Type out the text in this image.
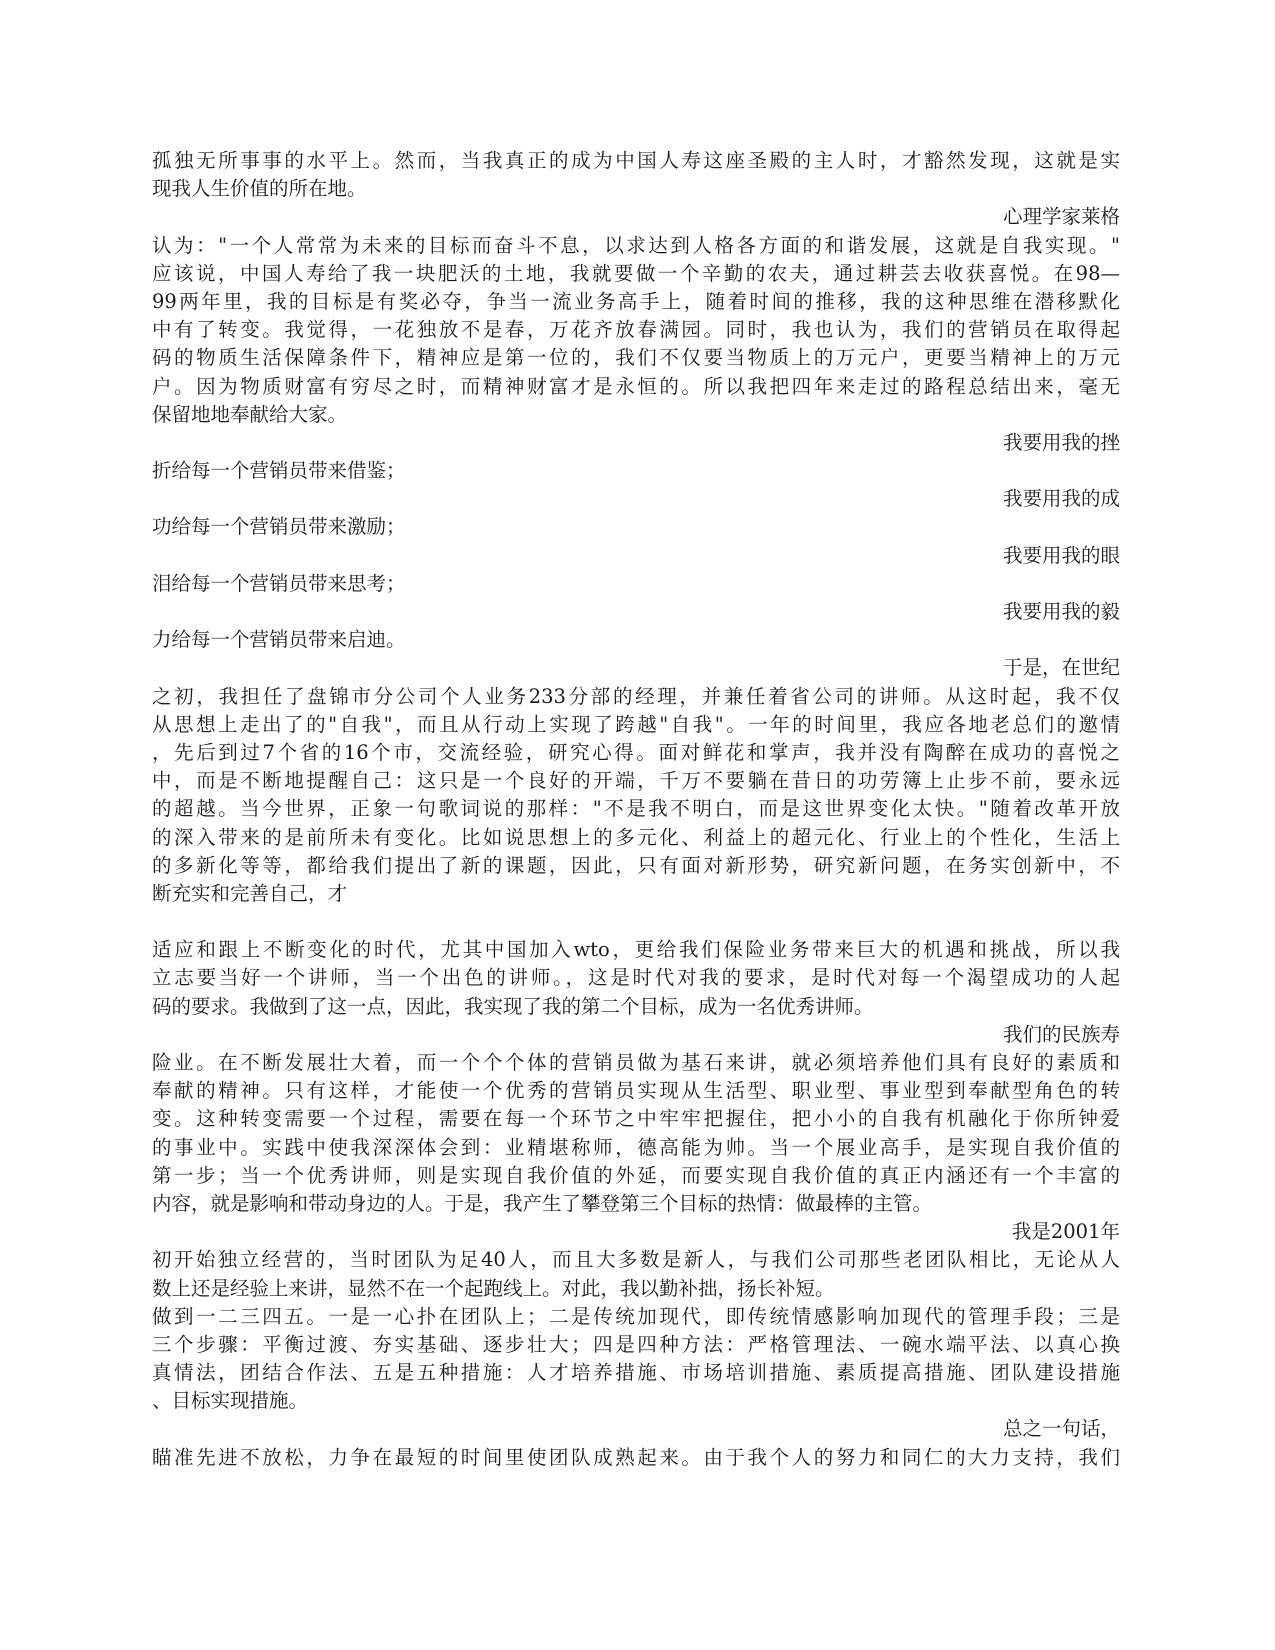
孤独无所事事的水平上。然而，当我真正的成为中国人寿这座圣殿的主人时，才豁然发现，这就是实
现我人生价值的所在地。
心理学家莱格
认为："一个人常常为未来的目标而奋斗不息，以求达到人格各方面的和谐发展，这就是自我实现。"
应该说，中国人寿给了我一块肥沃的土地，我就要做一个辛勤的农夫，通过耕芸去收获喜悦。在98—
99两年里，我的目标是有奖必夺，争当一流业务高手上，随着时间的推移，我的这种思维在潜移默化
中有了转变。我觉得，一花独放不是春，万花齐放春满园。同时，我也认为，我们的营销员在取得起
码的物质生活保障条件下，精神应是第一位的，我们不仅要当物质上的万元户，更要当精神上的万元
户。因为物质财富有穷尽之时，而精神财富才是永恒的。所以我把四年来走过的路程总结出来，毫无
保留地地奉献给大家。
我要用我的挫
折给每一个营销员带来借鉴；
我要用我的成
功给每一个营销员带来激励；
我要用我的眼
泪给每一个营销员带来思考；
我要用我的毅
力给每一个营销员带来启迪。
于是，在世纪
之初，我担任了盘锦市分公司个人业务233分部的经理，并兼任着省公司的讲师。从这时起，我不仅
从思想上走出了的"自我"，而且从行动上实现了跨越"自我"。一年的时间里，我应各地老总们的邀情
，先后到过7个省的16个市，交流经验，研究心得。面对鲜花和掌声，我并没有陶醉在成功的喜悦之
中，而是不断地提醒自己：这只是一个良好的开端，千万不要躺在昔日的功劳簿上止步不前，要永远
的超越。当今世界，正象一句歌词说的那样："不是我不明白，而是这世界变化太快。"随着改革开放
的深入带来的是前所未有变化。比如说思想上的多元化、利益上的超元化、行业上的个性化，生活上
的多新化等等，都给我们提出了新的课题，因此，只有面对新形势，研究新问题，在务实创新中，不
断充实和完善自己，才
适应和跟上不断变化的时代，尤其中国加入wto，更给我们保险业务带来巨大的机遇和挑战，所以我
立志要当好一个讲师，当一个出色的讲师。，这是时代对我的要求，是时代对每一个渴望成功的人起
码的要求。我做到了这一点，因此，我实现了我的第二个目标，成为一名优秀讲师。
我们的民族寿
险业。在不断发展壮大着，而一个个个体的营销员做为基石来讲，就必须培养他们具有良好的素质和
奉献的精神。只有这样，才能使一个优秀的营销员实现从生活型、职业型、事业型到奉献型角色的转
变。这种转变需要一个过程，需要在每一个环节之中牢牢把握住，把小小的自我有机融化于你所钟爱
的事业中。实践中使我深深体会到：业精堪称师，德高能为帅。当一个展业高手，是实现自我价值的
第一步；当一个优秀讲师，则是实现自我价值的外延，而要实现自我价值的真正内涵还有一个丰富的
内容，就是影响和带动身边的人。于是，我产生了攀登第三个目标的热情：做最棒的主管。
我是2001年
初开始独立经营的，当时团队为足40人，而且大多数是新人，与我们公司那些老团队相比，无论从人
数上还是经验上来讲，显然不在一个起跑线上。对此，我以勤补拙，扬长补短。
做到一二三四五。一是一心扑在团队上；二是传统加现代，即传统情感影响加现代的管理手段；三是
三个步骤：平衡过渡、夯实基础、逐步壮大；四是四种方法：严格管理法、一碗水端平法、以真心换
真情法，团结合作法、五是五种措施：人才培养措施、市场培训措施、素质提高措施、团队建设措施
、目标实现措施。
总之一句话，
瞄准先进不放松，力争在最短的时间里使团队成熟起来。由于我个人的努力和同仁的大力支持，我们
